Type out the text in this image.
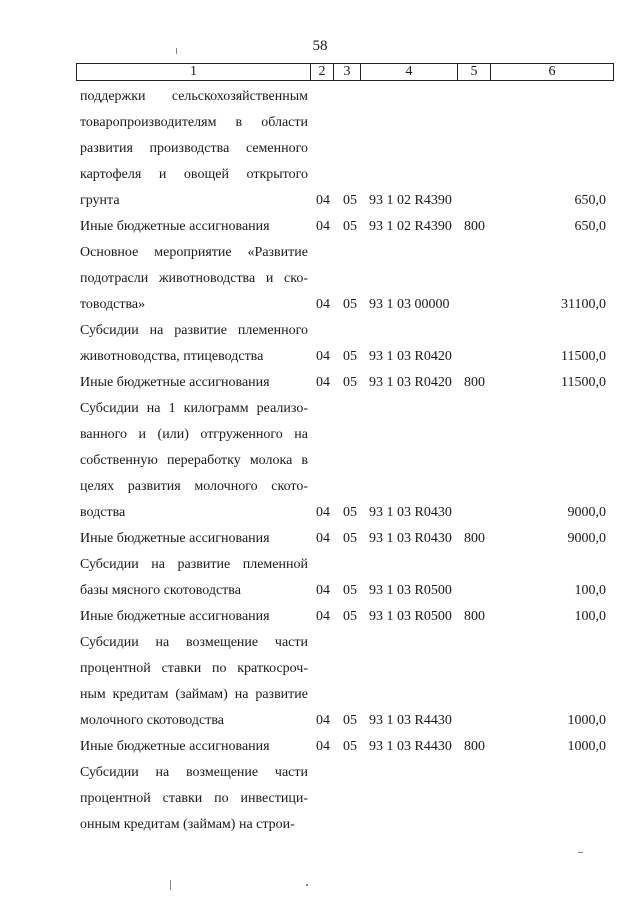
58
1	2	3	4	5	6
поддержки сельскохозяйственным
товаропроизводителям в области
развития производства семенного
картофеля и овощей открытого
грунта	04 05 93 1 02 R4390	650,0
Иные бюджетные ассигнования	04 05 93 1 02 R4390 800	650,0
Основное мероприятие «Развитие
подотрасли животноводства и ско-
товодства»	04 05 93 1 03 00000	31100,0
Субсидии на развитие племенного
животноводства, птицеводства	04 05 93 1 03 R0420	11500,0
Иные бюджетные ассигнования	04 05 93 1 03 R0420 800	11500,0
Субсидии на 1 килограмм реализо-
ванного и (или) отгруженного на
собственную переработку молока в
целях развития молочного ското-
водства	04 05 93 1 03 R0430	9000,0
Иные бюджетные ассигнования	04 05 93 1 03 R0430 800	9000,0
Субсидии на развитие племенной
базы мясного скотоводства	04 05 93 1 03 R0500	100,0
Иные бюджетные ассигнования	04 05 93 1 03 R0500 800	100,0
Субсидии на возмещение части
процентной ставки по краткосроч-
ным кредитам (займам) на развитие
молочного скотоводства	04 05 93 1 03 R4430	1000,0
Иные бюджетные ассигнования	04 05 93 1 03 R4430 800	1000,0
Субсидии на возмещение части
процентной ставки по инвестици-
онным кредитам (займам) на строи-
